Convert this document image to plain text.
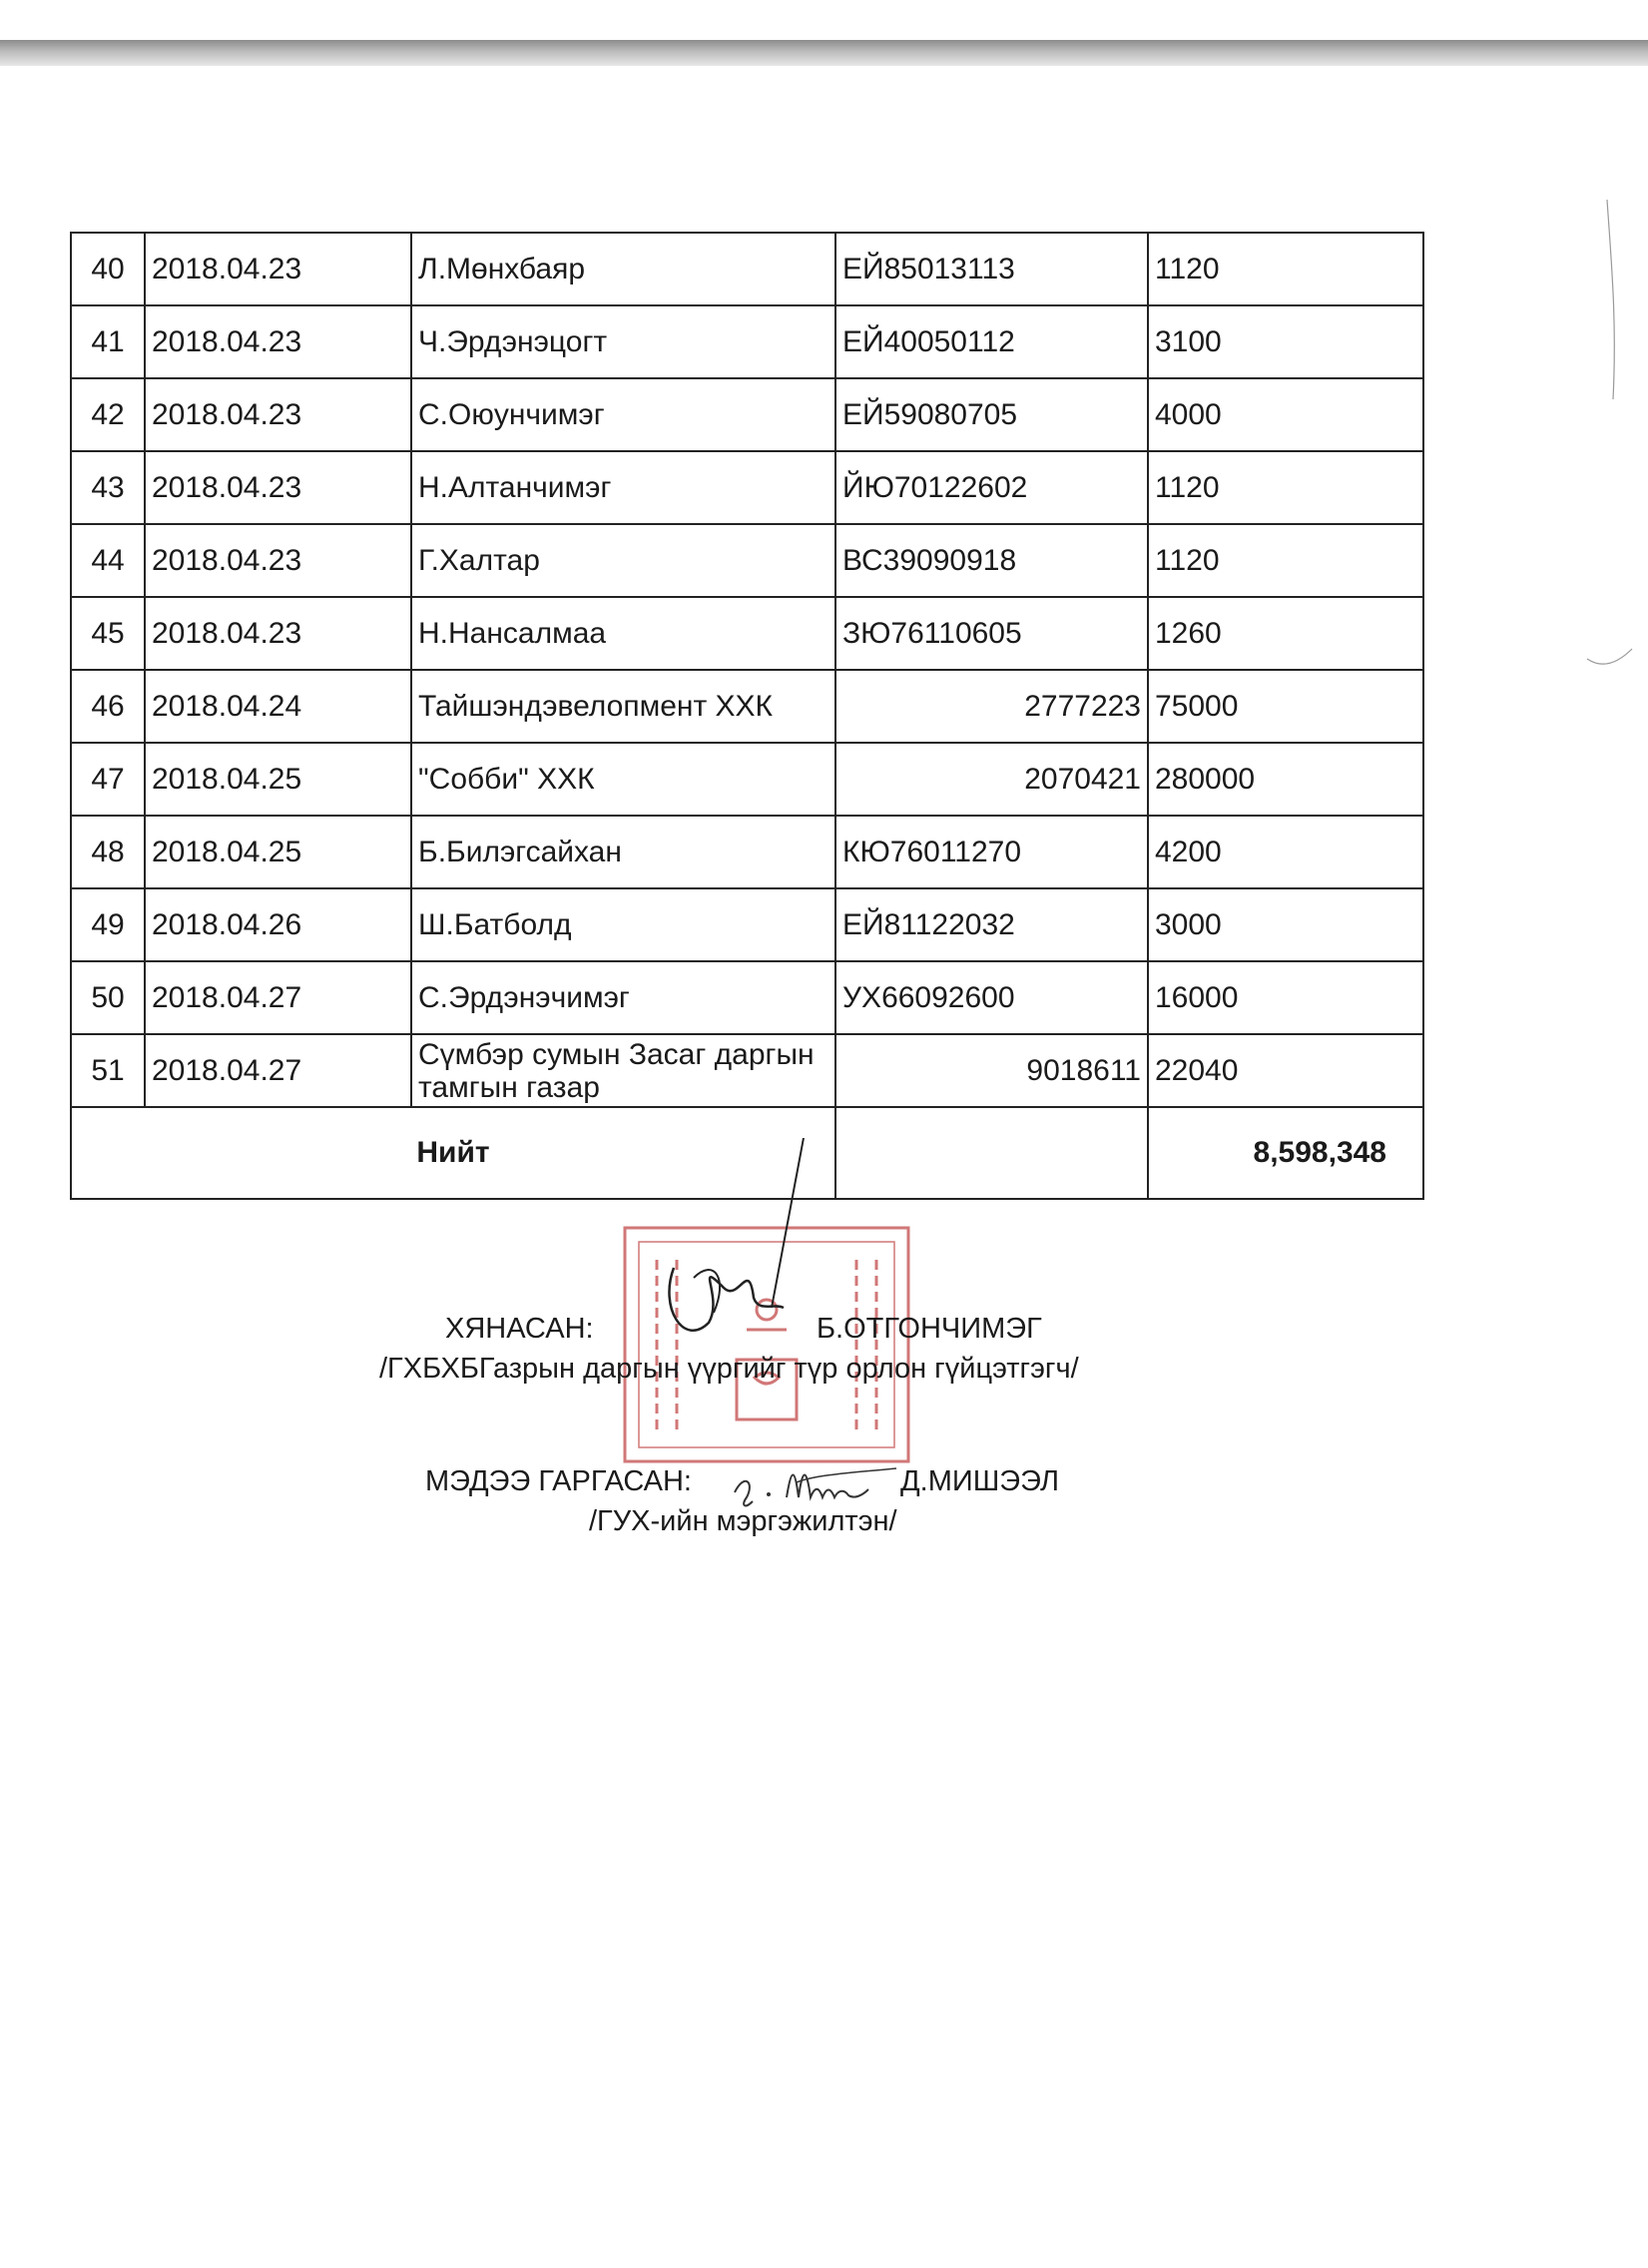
40	2018.04.23	Л.Мөнхбаяр	ЕЙ85013113	1120
41	2018.04.23	Ч.Эрдэнэцогт	ЕЙ40050112	3100
42	2018.04.23	С.Оюунчимэг	ЕЙ59080705	4000
43	2018.04.23	Н.Алтанчимэг	ЙЮ70122602	1120
44	2018.04.23	Г.Халтар	ВС39090918	1120
45	2018.04.23	Н.Нансалмаа	ЗЮ76110605	1260
46	2018.04.24	Тайшэндэвелопмент ХХК	2777223	75000
47	2018.04.25	"Собби" ХХК	2070421	280000
48	2018.04.25	Б.Билэгсайхан	КЮ76011270	4200
49	2018.04.26	Ш.Батболд	ЕЙ81122032	3000
50	2018.04.27	С.Эрдэнэчимэг	УХ66092600	16000
51	2018.04.27	Сүмбэр сумын Засаг даргын тамгын газар	9018611	22040
Нийт				8,598,348
ХЯНАСАН:	Б.ОТГОНЧИМЭГ
/ГХБХБГазрын даргын үүргийг түр орлон гүйцэтгэгч/
МЭДЭЭ ГАРГАСАН:	Д.МИШЭЭЛ
/ГУХ-ийн мэргэжилтэн/
